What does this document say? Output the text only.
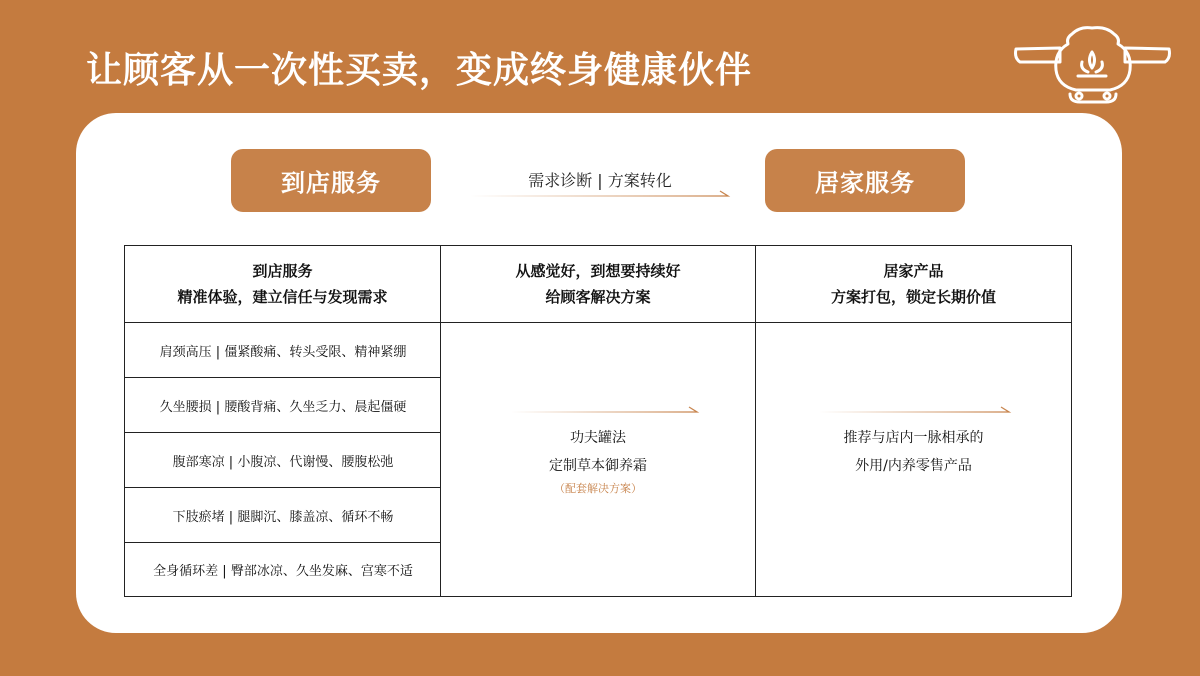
让顾客从一次性买卖，变成终身健康伙伴
到店服务	居家服务
需求诊断 | 方案转化
到店服务
精准体验，建立信任与发现需求
从感觉好，到想要持续好
给顾客解决方案
居家产品
方案打包，锁定长期价值
肩颈高压 | 僵紧酸痛、转头受限、精神紧绷
久坐腰损 | 腰酸背痛、久坐乏力、晨起僵硬
腹部寒凉 | 小腹凉、代谢慢、腰腹松弛
下肢瘀堵 | 腿脚沉、膝盖凉、循环不畅
全身循环差 | 臀部冰凉、久坐发麻、宫寒不适
功夫罐法
定制草本御养霜
（配套解决方案）
推荐与店内一脉相承的
外用/内养零售产品
